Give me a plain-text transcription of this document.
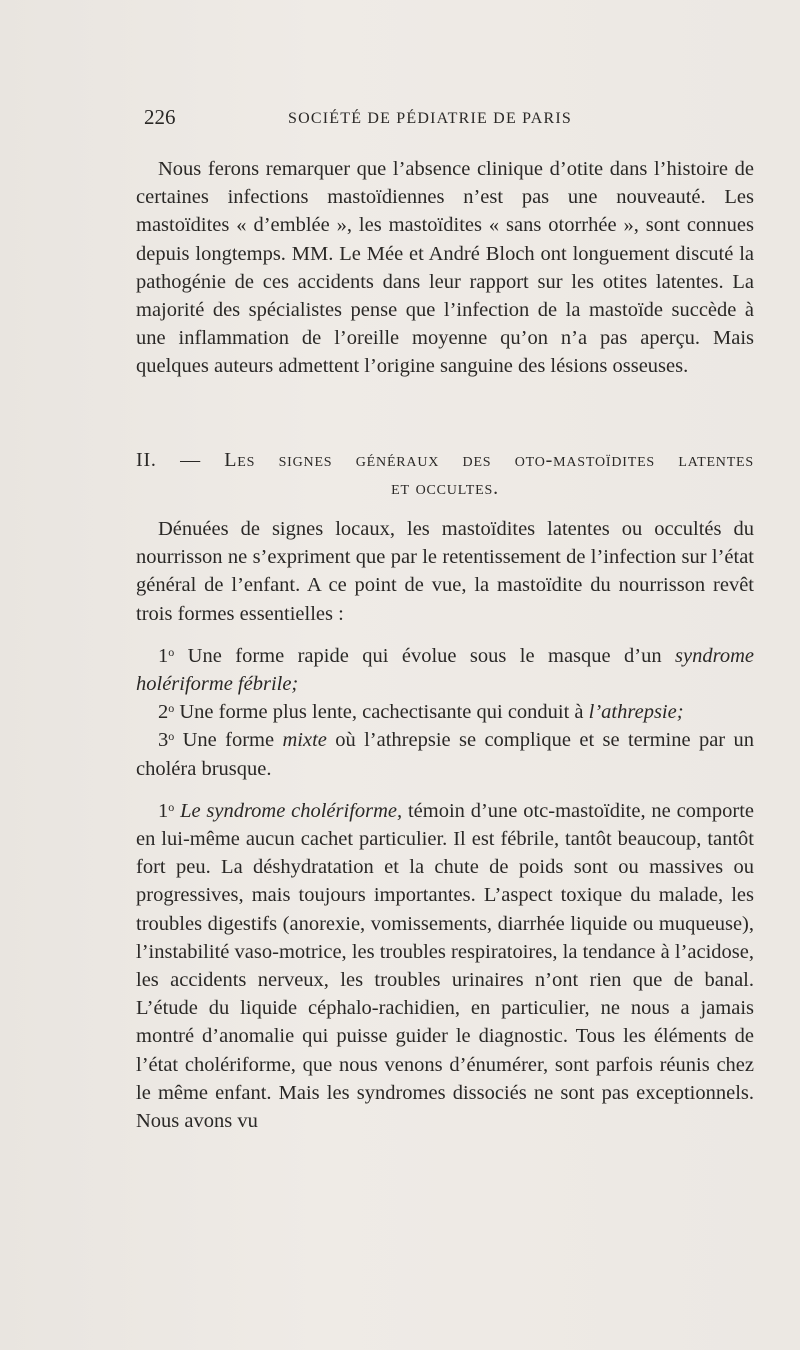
226	SOCIÉTÉ DE PÉDIATRIE DE PARIS

Nous ferons remarquer que l’absence clinique d’otite dans l’histoire de certaines infections mastoïdiennes n’est pas une nouveauté. Les mastoïdites « d’emblée », les mastoïdites « sans otorrhée », sont connues depuis longtemps. MM. Le Mée et André Bloch ont longuement discuté la pathogénie de ces accidents dans leur rapport sur les otites latentes. La majorité des spécialistes pense que l’infection de la mastoïde succède à une inflammation de l’oreille moyenne qu’on n’a pas aperçu. Mais quelques auteurs admettent l’origine sanguine des lésions osseuses.

II. — Les signes généraux des oto-mastoïdites latentes
et occultes.

Dénuées de signes locaux, les mastoïdites latentes ou occultés du nourrisson ne s’expriment que par le retentissement de l’infection sur l’état général de l’enfant. A ce point de vue, la mastoïdite du nourrisson revêt trois formes essentielles :

1$^o$ Une forme rapide qui évolue sous le masque d’un syndrome holériforme fébrile;

2$^o$ Une forme plus lente, cachectisante qui conduit à l’athrepsie;

3$^o$ Une forme mixte où l’athrepsie se complique et se termine par un choléra brusque.

1$^o$ Le syndrome cholériforme, témoin d’une otc-mastoïdite, ne comporte en lui-même aucun cachet particulier. Il est fébrile, tantôt beaucoup, tantôt fort peu. La déshydratation et la chute de poids sont ou massives ou progressives, mais toujours importantes. L’aspect toxique du malade, les troubles digestifs (anorexie, vomissements, diarrhée liquide ou muqueuse), l’instabilité vaso-motrice, les troubles respiratoires, la tendance à l’acidose, les accidents nerveux, les troubles urinaires n’ont rien que de banal. L’étude du liquide céphalo-rachidien, en particulier, ne nous a jamais montré d’anomalie qui puisse guider le diagnostic. Tous les éléments de l’état cholériforme, que nous venons d’énumérer, sont parfois réunis chez le même enfant. Mais les syndromes dissociés ne sont pas exceptionnels. Nous avons vu
